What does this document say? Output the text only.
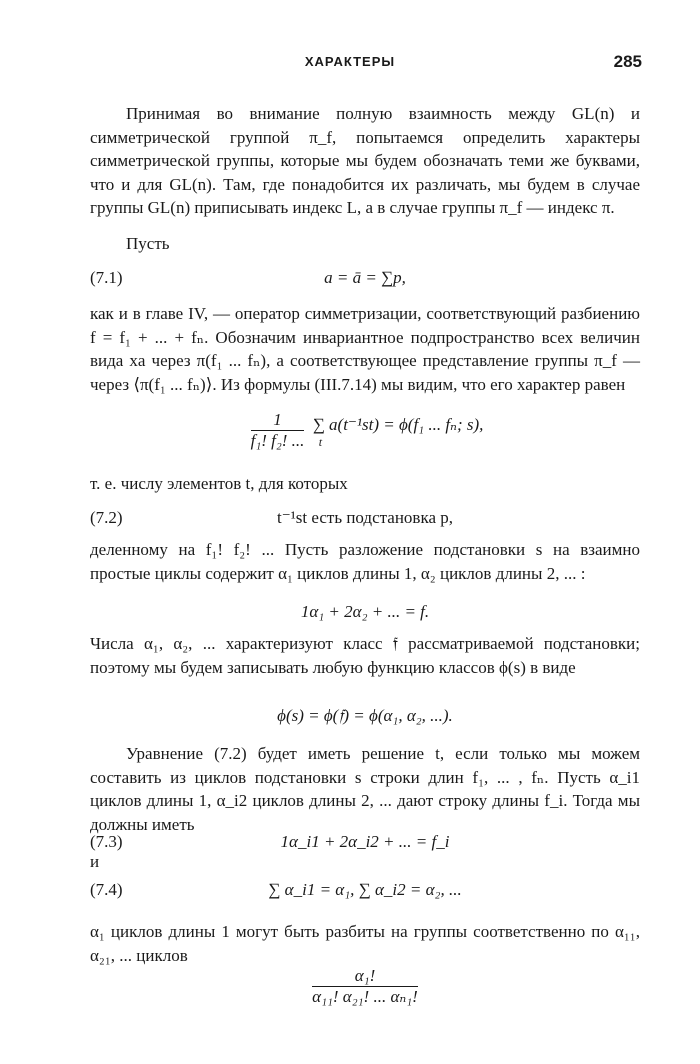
ХАРАКТЕРЫ	285

Принимая во внимание полную взаимность между GL(n) и симметрической группой π_f, попытаемся определить характеры симметрической группы, которые мы будем обозначать теми же буквами, что и для GL(n). Там, где понадобится их различать, мы будем в случае группы GL(n) приписывать индекс L, а в случае группы π_f — индекс π.

Пусть

(7.1)	a = ā = ∑p,

как и в главе IV, — оператор симметризации, соответствующий разбиению f = f₁ + ... + fₙ. Обозначим инвариантное подпространство всех величин вида xa через π(f₁ ... fₙ), а соответствующее представление группы π_f — через ⟨π(f₁ ... fₙ)⟩. Из формулы (III.7.14) мы видим, что его характер равен

$\frac{1}{\text{f₁! f₂! ...}}$ ∑ a(t⁻¹st) = ϕ(f₁ ... fₙ; s),
t

т. е. числу элементов t, для которых

(7.2)	t⁻¹st есть подстановка p,

деленному на f₁! f₂! ... Пусть разложение подстановки s на взаимно простые циклы содержит α₁ циклов длины 1, α₂ циклов длины 2, ... :

1α₁ + 2α₂ + ... = f.

Числа α₁, α₂, ... характеризуют класс 𝔣 рассматриваемой подстановки; поэтому мы будем записывать любую функцию классов ϕ(s) в виде

ϕ(s) = ϕ(𝔣) = ϕ(α₁, α₂, ...).

Уравнение (7.2) будет иметь решение t, если только мы можем составить из циклов подстановки s строки длин f₁, ... , fₙ. Пусть α_i1 циклов длины 1, α_i2 циклов длины 2, ... дают строку длины f_i. Тогда мы должны иметь

(7.3)	1α_i1 + 2α_i2 + ... = f_i
и
(7.4)	∑ α_i1 = α₁, ∑ α_i2 = α₂, ...

α₁ циклов длины 1 могут быть разбиты на группы соответственно по α₁₁, α₂₁, ... циклов

$\frac{\text{α₁!}}{\text{α₁₁! α₂₁! ... αₙ₁!}}$
